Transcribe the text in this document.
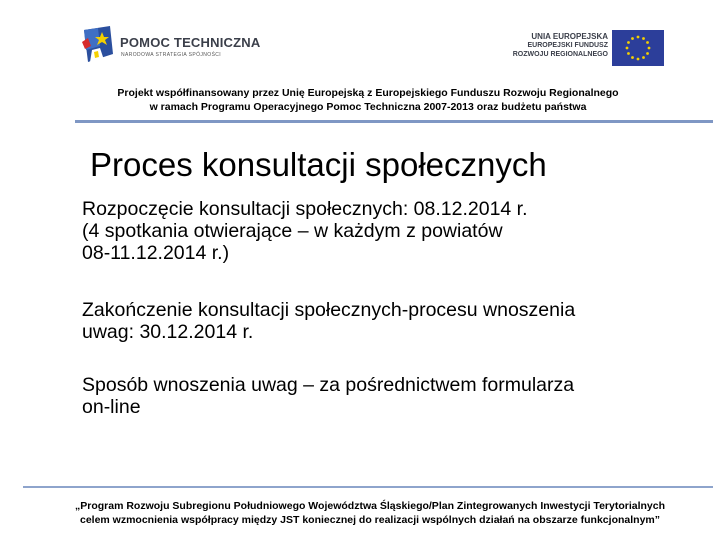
POMOC TECHNICZNA
NARODOWA STRATEGIA SPÓJNOŚCI
UNIA EUROPEJSKA
EUROPEJSKI FUNDUSZ
ROZWOJU REGIONALNEGO
Projekt współfinansowany przez Unię Europejską z Europejskiego Funduszu Rozwoju Regionalnego
w ramach Programu Operacyjnego Pomoc Techniczna 2007-2013 oraz budżetu państwa
Proces konsultacji społecznych
Rozpoczęcie konsultacji społecznych: 08.12.2014 r.
(4 spotkania otwierające – w każdym z powiatów
08-11.12.2014 r.)
Zakończenie konsultacji społecznych-procesu wnoszenia
uwag: 30.12.2014 r.
Sposób wnoszenia uwag – za pośrednictwem formularza
on-line
„Program Rozwoju Subregionu Południowego Województwa Śląskiego/Plan Zintegrowanych Inwestycji Terytorialnych
celem wzmocnienia współpracy między JST koniecznej do realizacji wspólnych działań na obszarze funkcjonalnym”
